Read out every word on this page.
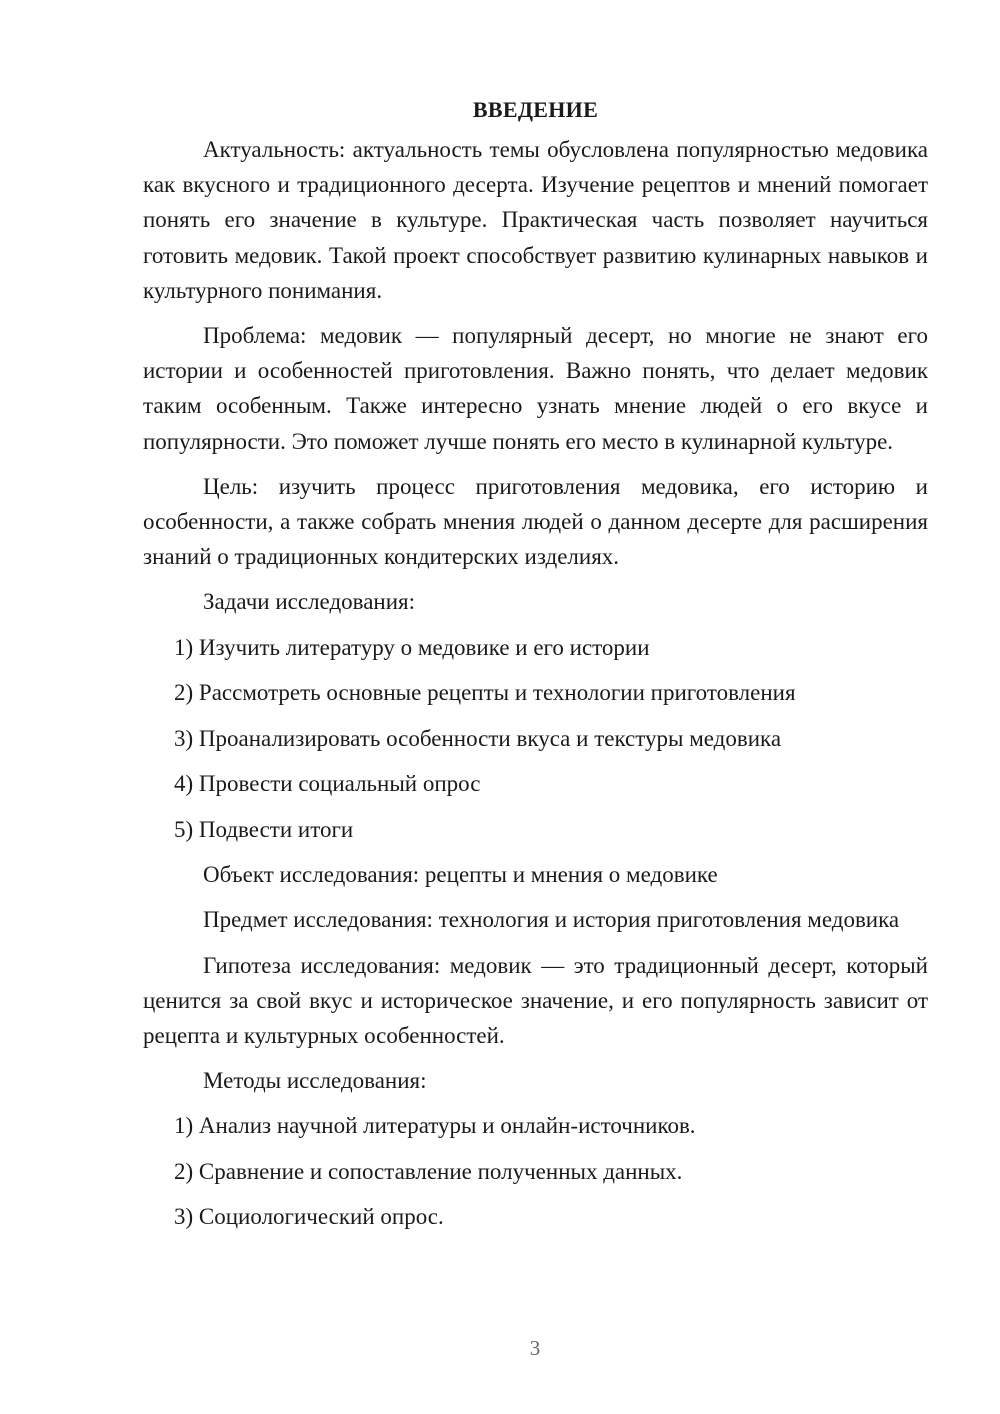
ВВЕДЕНИЕ

Актуальность: актуальность темы обусловлена популярностью медовика как вкусного и традиционного десерта. Изучение рецептов и мнений помогает понять его значение в культуре. Практическая часть позволяет научиться готовить медовик. Такой проект способствует развитию кулинарных навыков и культурного понимания.

Проблема: медовик — популярный десерт, но многие не знают его истории и особенностей приготовления. Важно понять, что делает медовик таким особенным. Также интересно узнать мнение людей о его вкусе и популярности. Это поможет лучше понять его место в кулинарной культуре.

Цель: изучить процесс приготовления медовика, его историю и особенности, а также собрать мнения людей о данном десерте для расширения знаний о традиционных кондитерских изделиях.

Задачи исследования:

1) Изучить литературу о медовике и его истории
2) Рассмотреть основные рецепты и технологии приготовления
3) Проанализировать особенности вкуса и текстуры медовика
4) Провести социальный опрос
5) Подвести итоги

Объект исследования: рецепты и мнения о медовике

Предмет исследования: технология и история приготовления медовика

Гипотеза исследования: медовик — это традиционный десерт, который ценится за свой вкус и историческое значение, и его популярность зависит от рецепта и культурных особенностей.

Методы исследования:

1) Анализ научной литературы и онлайн-источников.
2) Сравнение и сопоставление полученных данных.
3) Социологический опрос.
3
